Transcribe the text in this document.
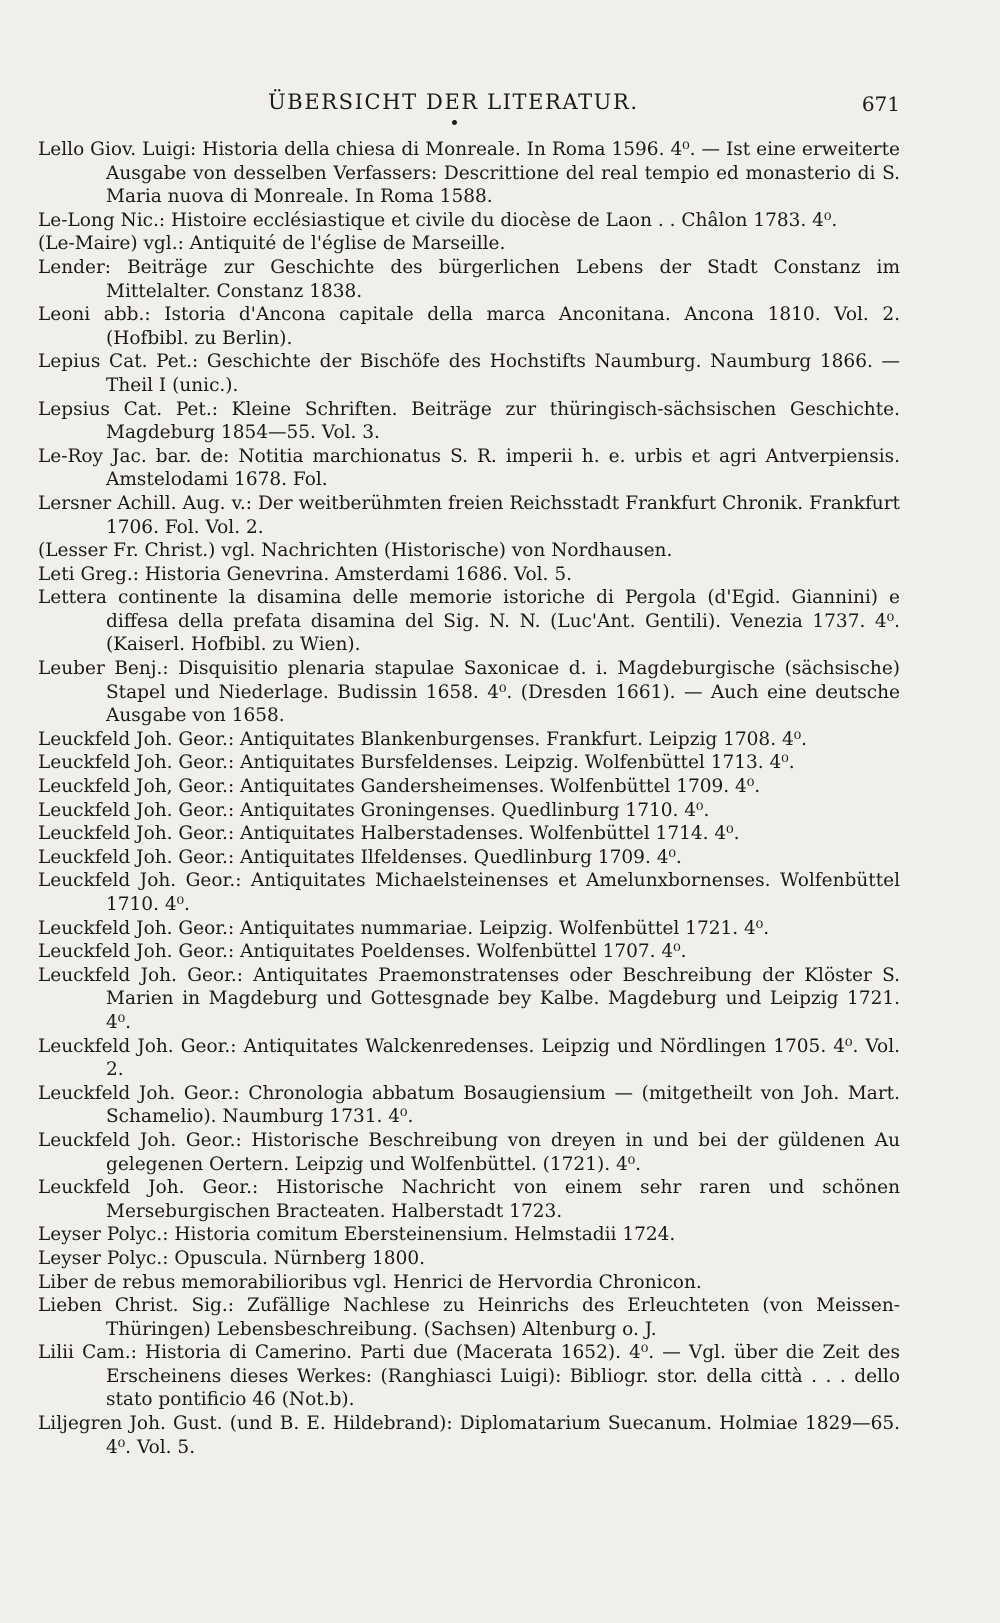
ÜBERSICHT DER LITERATUR.	671

Lello Giov. Luigi: Historia della chiesa di Monreale. In Roma 1596. 4⁰. — Ist eine erweiterte Ausgabe von desselben Verfassers: Descrittione del real tempio ed monasterio di S. Maria nuova di Monreale. In Roma 1588.

Le-Long Nic.: Histoire ecclésiastique et civile du diocèse de Laon . . Châlon 1783. 4⁰.

(Le-Maire) vgl.: Antiquité de l'église de Marseille.

Lender: Beiträge zur Geschichte des bürgerlichen Lebens der Stadt Constanz im Mittelalter. Constanz 1838.

Leoni abb.: Istoria d'Ancona capitale della marca Anconitana. Ancona 1810. Vol. 2. (Hofbibl. zu Berlin).

Lepius Cat. Pet.: Geschichte der Bischöfe des Hochstifts Naumburg. Naumburg 1866. — Theil I (unic.).

Lepsius Cat. Pet.: Kleine Schriften. Beiträge zur thüringisch-sächsischen Geschichte. Magdeburg 1854—55. Vol. 3.

Le-Roy Jac. bar. de: Notitia marchionatus S. R. imperii h. e. urbis et agri Antverpiensis. Amstelodami 1678. Fol.

Lersner Achill. Aug. v.: Der weitberühmten freien Reichsstadt Frankfurt Chronik. Frankfurt 1706. Fol. Vol. 2.

(Lesser Fr. Christ.) vgl. Nachrichten (Historische) von Nordhausen.

Leti Greg.: Historia Genevrina. Amsterdami 1686. Vol. 5.

Lettera continente la disamina delle memorie istoriche di Pergola (d'Egid. Giannini) e diffesa della prefata disamina del Sig. N. N. (Luc'Ant. Gentili). Venezia 1737. 4⁰. (Kaiserl. Hofbibl. zu Wien).

Leuber Benj.: Disquisitio plenaria stapulae Saxonicae d. i. Magdeburgische (sächsische) Stapel und Niederlage. Budissin 1658. 4⁰. (Dresden 1661). — Auch eine deutsche Ausgabe von 1658.

Leuckfeld Joh. Geor.: Antiquitates Blankenburgenses. Frankfurt. Leipzig 1708. 4⁰.

Leuckfeld Joh. Geor.: Antiquitates Bursfeldenses. Leipzig. Wolfenbüttel 1713. 4⁰.

Leuckfeld Joh, Geor.: Antiquitates Gandersheimenses. Wolfenbüttel 1709. 4⁰.

Leuckfeld Joh. Geor.: Antiquitates Groningenses. Quedlinburg 1710. 4⁰.

Leuckfeld Joh. Geor.: Antiquitates Halberstadenses. Wolfenbüttel 1714. 4⁰.

Leuckfeld Joh. Geor.: Antiquitates Ilfeldenses. Quedlinburg 1709. 4⁰.

Leuckfeld Joh. Geor.: Antiquitates Michaelsteinenses et Amelunxbornenses. Wolfenbüttel 1710. 4⁰.

Leuckfeld Joh. Geor.: Antiquitates nummariae. Leipzig. Wolfenbüttel 1721. 4⁰.

Leuckfeld Joh. Geor.: Antiquitates Poeldenses. Wolfenbüttel 1707. 4⁰.

Leuckfeld Joh. Geor.: Antiquitates Praemonstratenses oder Beschreibung der Klöster S. Marien in Magdeburg und Gottesgnade bey Kalbe. Magdeburg und Leipzig 1721. 4⁰.

Leuckfeld Joh. Geor.: Antiquitates Walckenredenses. Leipzig und Nördlingen 1705. 4⁰. Vol. 2.

Leuckfeld Joh. Geor.: Chronologia abbatum Bosaugiensium — (mitgetheilt von Joh. Mart. Schamelio). Naumburg 1731. 4⁰.

Leuckfeld Joh. Geor.: Historische Beschreibung von dreyen in und bei der güldenen Au gelegenen Oertern. Leipzig und Wolfenbüttel. (1721). 4⁰.

Leuckfeld Joh. Geor.: Historische Nachricht von einem sehr raren und schönen Merseburgischen Bracteaten. Halberstadt 1723.

Leyser Polyc.: Historia comitum Ebersteinensium. Helmstadii 1724.

Leyser Polyc.: Opuscula. Nürnberg 1800.

Liber de rebus memorabilioribus vgl. Henrici de Hervordia Chronicon.

Lieben Christ. Sig.: Zufällige Nachlese zu Heinrichs des Erleuchteten (von Meissen-Thüringen) Lebensbeschreibung. (Sachsen) Altenburg o. J.

Lilii Cam.: Historia di Camerino. Parti due (Macerata 1652). 4⁰. — Vgl. über die Zeit des Erscheinens dieses Werkes: (Ranghiasci Luigi): Bibliogr. stor. della città . . . dello stato pontificio 46 (Not.b).

Liljegren Joh. Gust. (und B. E. Hildebrand): Diplomatarium Suecanum. Holmiae 1829—65. 4⁰. Vol. 5.
